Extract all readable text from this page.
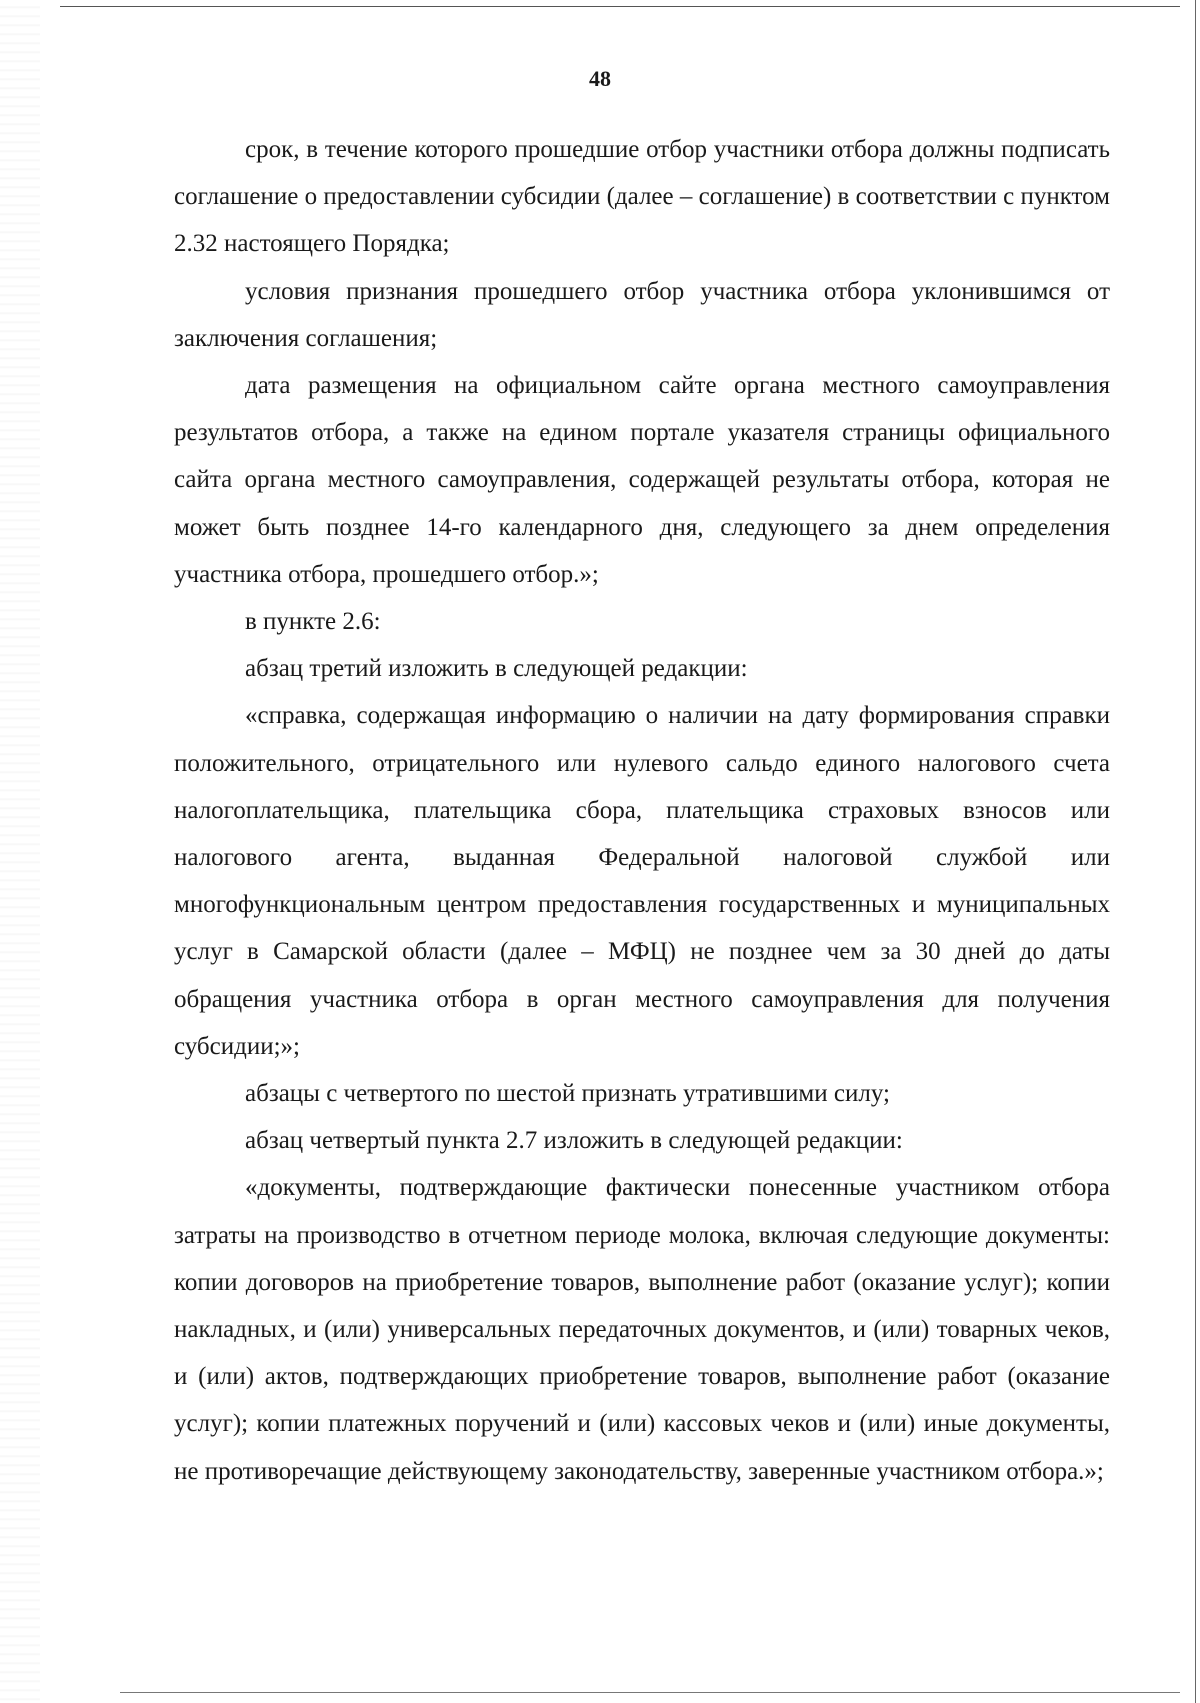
48

срок, в течение которого прошедшие отбор участники отбора должны подписать соглашение о предоставлении субсидии (далее – соглашение) в соответствии с пунктом 2.32 настоящего Порядка;

условия признания прошедшего отбор участника отбора уклонившимся от заключения соглашения;

дата размещения на официальном сайте органа местного самоуправления результатов отбора, а также на едином портале указателя страницы официального сайта органа местного самоуправления, содержащей результаты отбора, которая не может быть позднее 14-го календарного дня, следующего за днем определения участника отбора, прошедшего отбор.»;

в пункте 2.6:

абзац третий изложить в следующей редакции:

«справка, содержащая информацию о наличии на дату формирования справки положительного, отрицательного или нулевого сальдо единого налогового счета налогоплательщика, плательщика сбора, плательщика страховых взносов или налогового агента, выданная Федеральной налоговой службой или многофункциональным центром предоставления государственных и муниципальных услуг в Самарской области (далее – МФЦ) не позднее чем за 30 дней до даты обращения участника отбора в орган местного самоуправления для получения субсидии;»;

абзацы с четвертого по шестой признать утратившими силу;

абзац четвертый пункта 2.7 изложить в следующей редакции:

«документы, подтверждающие фактически понесенные участником отбора затраты на производство в отчетном периоде молока, включая следующие документы: копии договоров на приобретение товаров, выполнение работ (оказание услуг); копии накладных, и (или) универсальных передаточных документов, и (или) товарных чеков, и (или) актов, подтверждающих приобретение товаров, выполнение работ (оказание услуг); копии платежных поручений и (или) кассовых чеков и (или) иные документы, не противоречащие действующему законодательству, заверенные участником отбора.»;
